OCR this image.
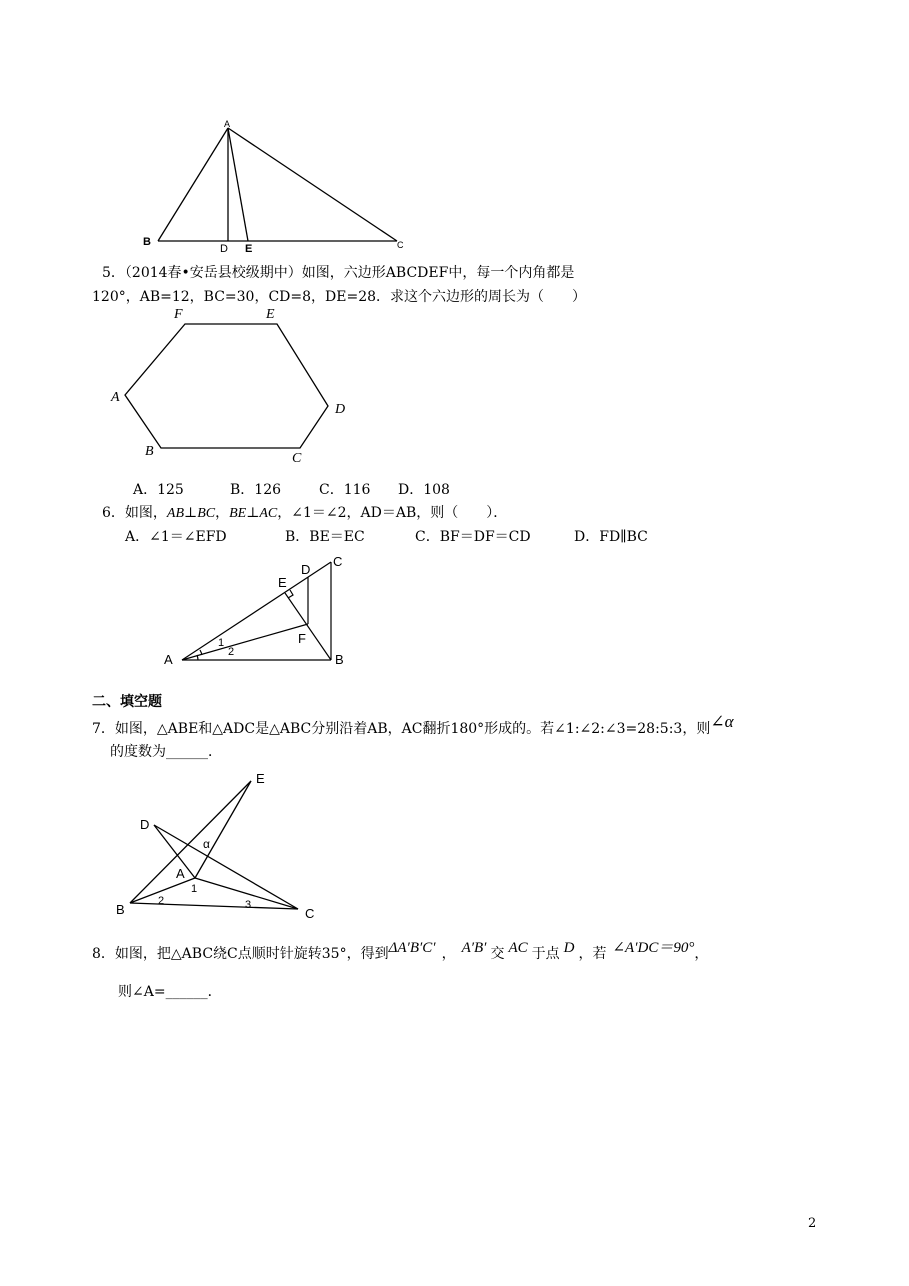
A
B
D E	C
5．（2014春•安岳县校级期中）如图，六边形ABCDEF中，每一个内角都是
120°，AB=12，BC=30，CD=8，DE=28．求这个六边形的周长为（　　）
F	E
A
D
B	C
A．125	B．126	C．116 D．108
6．如图，AB⊥BC，BE⊥AC，∠1＝∠2，AD＝AB，则（　　）．
A．∠1＝∠EFD	B．BE＝EC	C．BF＝DF＝CD	D．FD∥BC
A	B
C
D
E
F
1
2
二、填空题
7．如图，△ABE和△ADC是△ABC分别沿着AB，AC翻折180°形成的。若∠1:∠2:∠3=28:5:3，则∠α
的度数为______．
D
E
A
B	C
α
1
2	3
8．如图，把△ABC绕C点顺时针旋转35°，得到ΔA′B′C′ ， A′B′ 交 AC 于点 D ，若 ∠A′DC＝90°，
则∠A=______．
2
